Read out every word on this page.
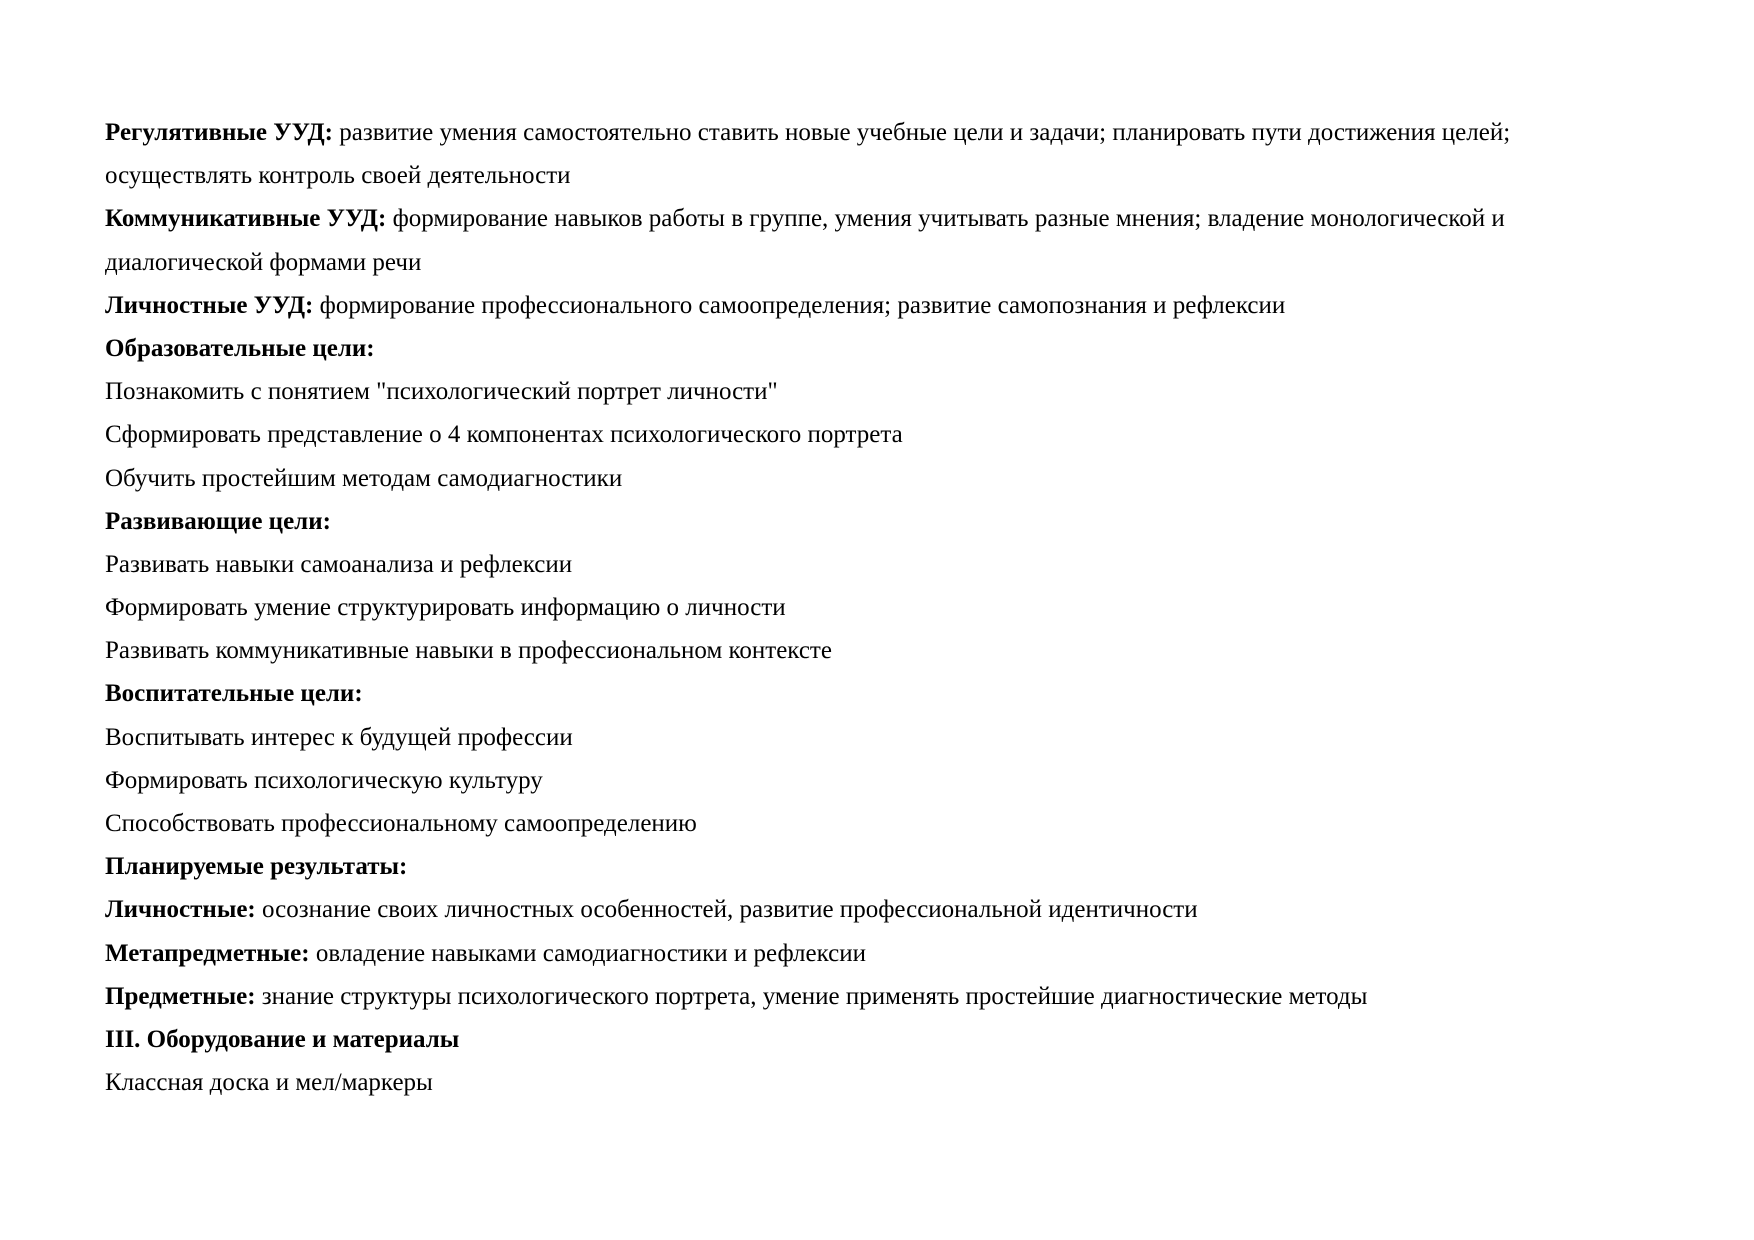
Регулятивные УУД: развитие умения самостоятельно ставить новые учебные цели и задачи; планировать пути достижения целей;
осуществлять контроль своей деятельности
Коммуникативные УУД: формирование навыков работы в группе, умения учитывать разные мнения; владение монологической и
диалогической формами речи
Личностные УУД: формирование профессионального самоопределения; развитие самопознания и рефлексии
Образовательные цели:
Познакомить с понятием "психологический портрет личности"
Сформировать представление о 4 компонентах психологического портрета
Обучить простейшим методам самодиагностики
Развивающие цели:
Развивать навыки самоанализа и рефлексии
Формировать умение структурировать информацию о личности
Развивать коммуникативные навыки в профессиональном контексте
Воспитательные цели:
Воспитывать интерес к будущей профессии
Формировать психологическую культуру
Способствовать профессиональному самоопределению
Планируемые результаты:
Личностные: осознание своих личностных особенностей, развитие профессиональной идентичности
Метапредметные: овладение навыками самодиагностики и рефлексии
Предметные: знание структуры психологического портрета, умение применять простейшие диагностические методы
III. Оборудование и материалы
Классная доска и мел/маркеры
